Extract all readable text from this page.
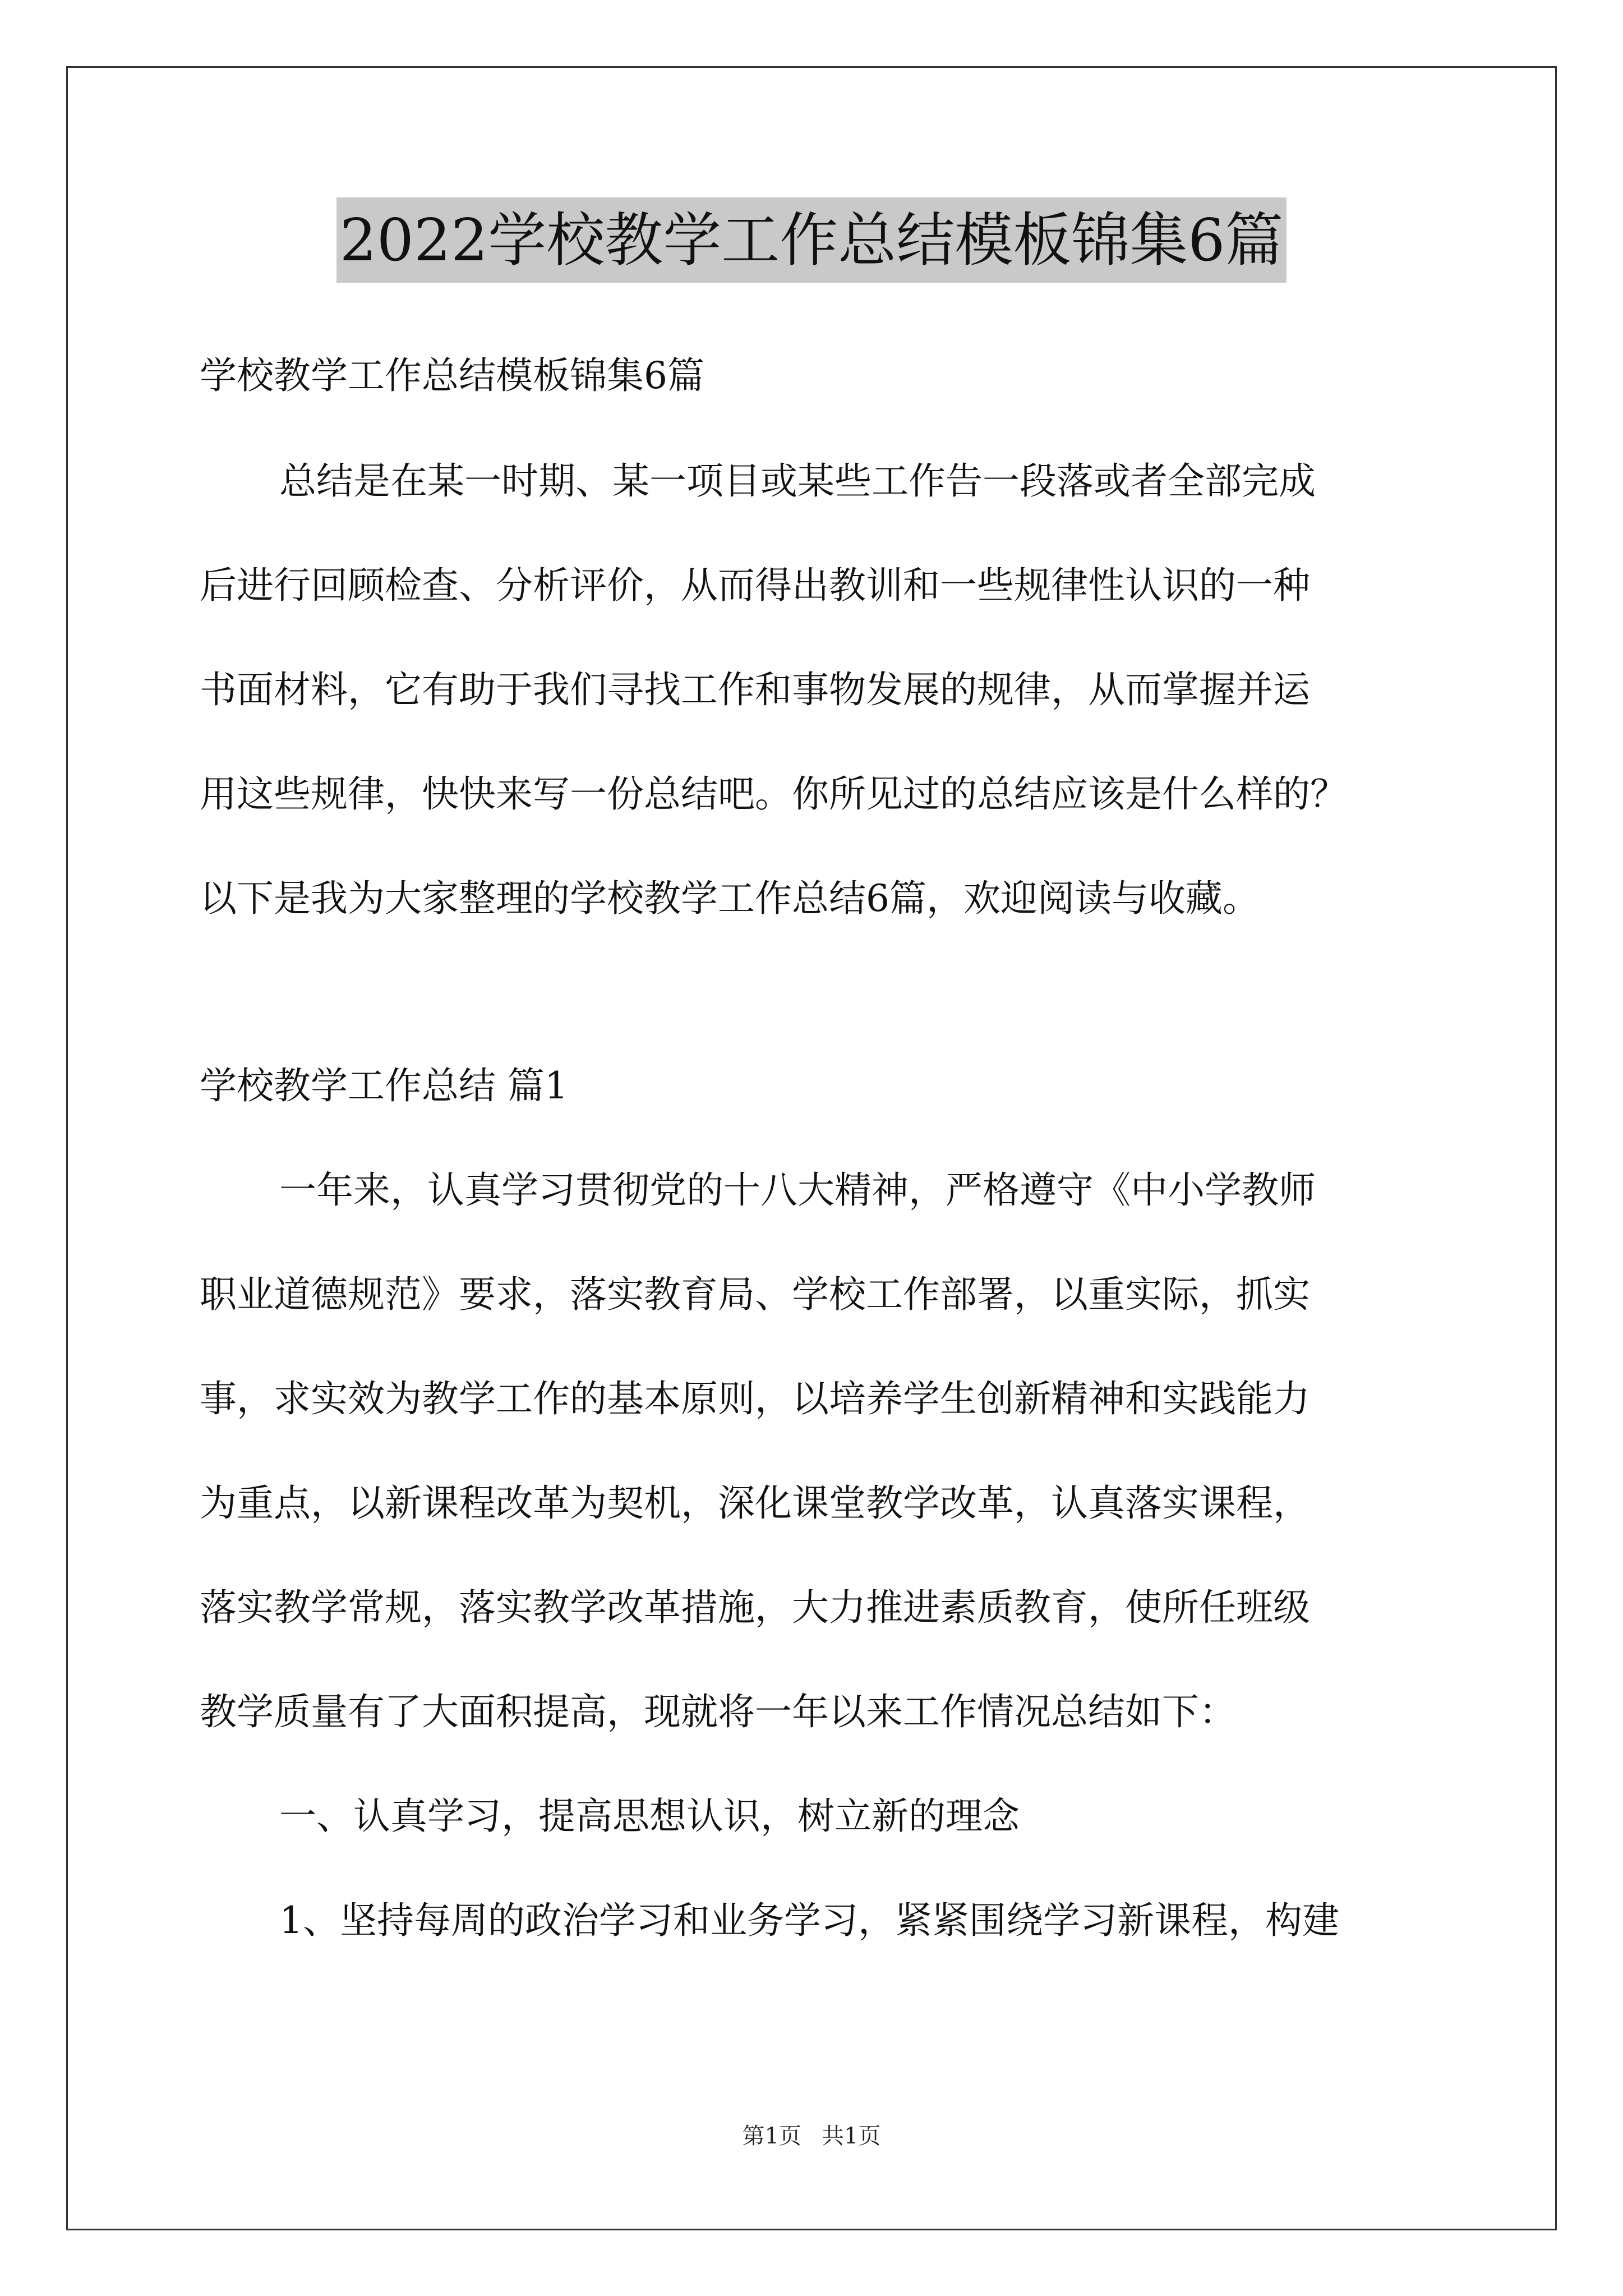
2022学校教学工作总结模板锦集6篇
学校教学工作总结模板锦集6篇
总结是在某一时期、某一项目或某些工作告一段落或者全部完成
后进行回顾检查、分析评价，从而得出教训和一些规律性认识的一种
书面材料，它有助于我们寻找工作和事物发展的规律，从而掌握并运
用这些规律，快快来写一份总结吧。你所见过的总结应该是什么样的？
以下是我为大家整理的学校教学工作总结6篇，欢迎阅读与收藏。
学校教学工作总结 篇1
一年来，认真学习贯彻党的十八大精神，严格遵守《中小学教师
职业道德规范》要求，落实教育局、学校工作部署，以重实际，抓实
事，求实效为教学工作的基本原则，以培养学生创新精神和实践能力
为重点，以新课程改革为契机，深化课堂教学改革，认真落实课程，
落实教学常规，落实教学改革措施，大力推进素质教育，使所任班级
教学质量有了大面积提高，现就将一年以来工作情况总结如下：
一、认真学习，提高思想认识，树立新的理念
1、坚持每周的政治学习和业务学习，紧紧围绕学习新课程，构建
第1页 共1页
